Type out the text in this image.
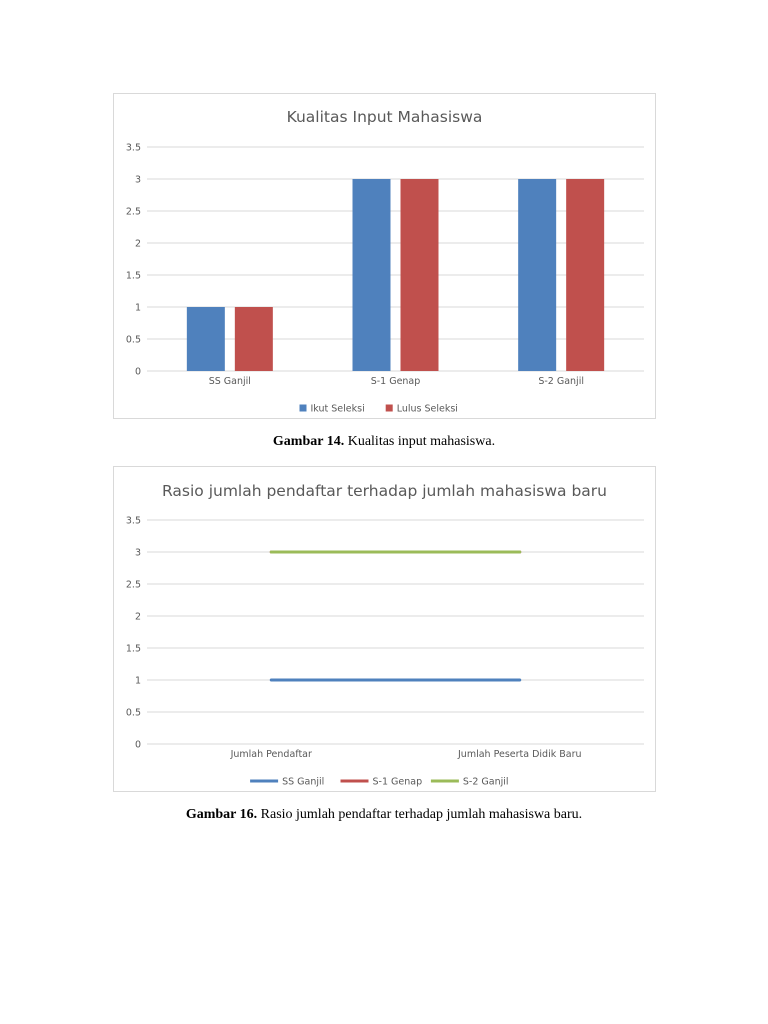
Kualitas Input Mahasiswa
0
0.5
1
1.5
2
2.5
3
3.5
SS Ganjil	S-1 Genap	S-2 Ganjil
Ikut Seleksi	Lulus Seleksi
Gambar 14. Kualitas input mahasiswa.
Rasio jumlah pendaftar terhadap jumlah mahasiswa baru
0
0.5
1
1.5
2
2.5
3
3.5
Jumlah Pendaftar	Jumlah Peserta Didik Baru
SS Ganjil	S-1 Genap	S-2 Ganjil
Gambar 16. Rasio jumlah pendaftar terhadap jumlah mahasiswa baru.
